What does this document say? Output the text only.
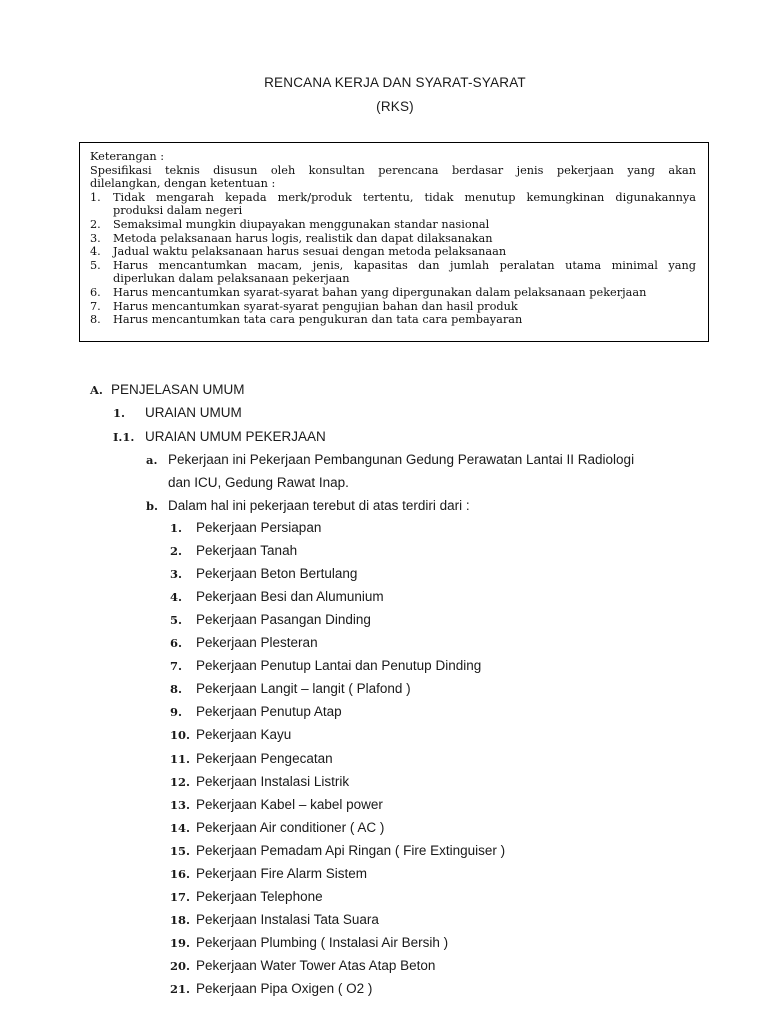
RENCANA KERJA DAN SYARAT-SYARAT
(RKS)

Keterangan :

Spesifikasi teknis disusun oleh konsultan perencana berdasar jenis pekerjaan yang akan

dilelangkan, dengan ketentuan :

1. Tidak mengarah kepada merk/produk tertentu, tidak menutup kemungkinan digunakannya
produksi dalam negeri
2. Semaksimal mungkin diupayakan menggunakan standar nasional
3. Metoda pelaksanaan harus logis, realistik dan dapat dilaksanakan
4. Jadual waktu pelaksanaan harus sesuai dengan metoda pelaksanaan
5. Harus mencantumkan macam, jenis, kapasitas dan jumlah peralatan utama minimal yang
diperlukan dalam pelaksanaan pekerjaan
6. Harus mencantumkan syarat-syarat bahan yang dipergunakan dalam pelaksanaan pekerjaan
7. Harus mencantumkan syarat-syarat pengujian bahan dan hasil produk
8. Harus mencantumkan tata cara pengukuran dan tata cara pembayaran
A. PENJELASAN UMUM
1. URAIAN UMUM
I.1. URAIAN UMUM PEKERJAAN
a. Pekerjaan ini Pekerjaan Pembangunan Gedung Perawatan Lantai II Radiologi
dan ICU, Gedung Rawat Inap.
b. Dalam hal ini pekerjaan terebut di atas terdiri dari :
1. Pekerjaan Persiapan
2. Pekerjaan Tanah
3. Pekerjaan Beton Bertulang
4. Pekerjaan Besi dan Alumunium
5. Pekerjaan Pasangan Dinding
6. Pekerjaan Plesteran
7. Pekerjaan Penutup Lantai dan Penutup Dinding
8. Pekerjaan Langit – langit ( Plafond )
9. Pekerjaan Penutup Atap
10. Pekerjaan Kayu
11. Pekerjaan Pengecatan
12. Pekerjaan Instalasi Listrik
13. Pekerjaan Kabel – kabel power
14. Pekerjaan Air conditioner ( AC )
15. Pekerjaan Pemadam Api Ringan ( Fire Extinguiser )
16. Pekerjaan Fire Alarm Sistem
17. Pekerjaan Telephone
18. Pekerjaan Instalasi Tata Suara
19. Pekerjaan Plumbing ( Instalasi Air Bersih )
20. Pekerjaan Water Tower Atas Atap Beton
21. Pekerjaan Pipa Oxigen ( O2 )
